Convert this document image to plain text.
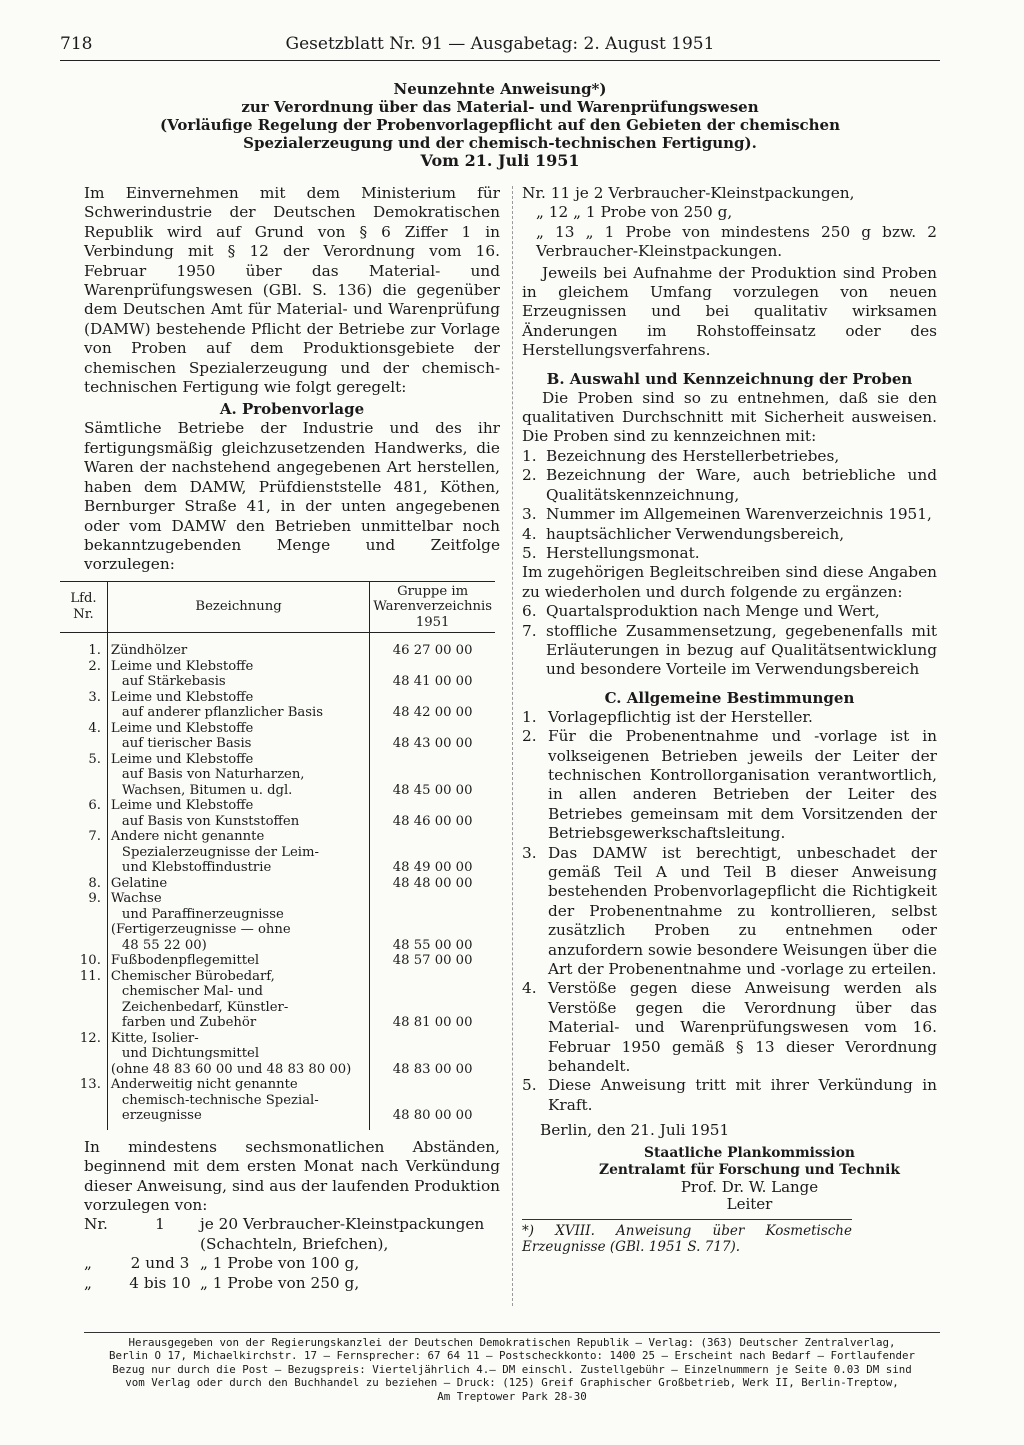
718	Gesetzblatt Nr. 91 — Ausgabetag: 2. August 1951
Neunzehnte Anweisung*)
zur Verordnung über das Material- und Warenprüfungswesen
(Vorläufige Regelung der Probenvorlagepflicht auf den Gebieten der chemischen
Spezialerzeugung und der chemisch-technischen Fertigung).
Vom 21. Juli 1951

Im Einvernehmen mit dem Ministerium für Schwerindustrie der Deutschen Demokratischen Republik wird auf Grund von § 6 Ziffer 1 in Verbindung mit § 12 der Verordnung vom 16. Februar 1950 über das Material- und Warenprüfungswesen (GBl. S. 136) die gegenüber dem Deutschen Amt für Material- und Warenprüfung (DAMW) bestehende Pflicht der Betriebe zur Vorlage von Proben auf dem Produktionsgebiete der chemischen Spezialerzeugung und der chemisch-technischen Fertigung wie folgt geregelt:

A. Probenvorlage

Sämtliche Betriebe der Industrie und des ihr fertigungsmäßig gleichzusetzenden Handwerks, die Waren der nachstehend angegebenen Art herstellen, haben dem DAMW, Prüfdienststelle 481, Köthen, Bernburger Straße 41, in der unten angegebenen oder vom DAMW den Betrieben unmittelbar noch bekanntzugebenden Menge und Zeitfolge vorzulegen:

Lfd. Nr.	Bezeichnung	Gruppe im Warenverzeichnis 1951

1.	Zündhölzer	46 27 00 00
2.	Leime und Klebstoffe	
	auf Stärkebasis	48 41 00 00
3.	Leime und Klebstoffe	
	auf anderer pflanzlicher Basis	48 42 00 00
4.	Leime und Klebstoffe	
	auf tierischer Basis	48 43 00 00
5.	Leime und Klebstoffe	
	auf Basis von Naturharzen,	
	Wachsen, Bitumen u. dgl.	48 45 00 00
6.	Leime und Klebstoffe	
	auf Basis von Kunststoffen	48 46 00 00
7.	Andere nicht genannte	
	Spezialerzeugnisse der Leim-	
	und Klebstoffindustrie	48 49 00 00
8.	Gelatine	48 48 00 00
9.	Wachse	
	und Paraffinerzeugnisse	
	(Fertigerzeugnisse — ohne	
	48 55 22 00)	48 55 00 00
10.	Fußbodenpflegemittel	48 57 00 00
11.	Chemischer Bürobedarf,	
	chemischer Mal- und	
	Zeichenbedarf, Künstler-	
	farben und Zubehör	48 81 00 00
12.	Kitte, Isolier-	
	und Dichtungsmittel	
	(ohne 48 83 60 00 und 48 83 80 00)	48 83 00 00
13.	Anderweitig nicht genannte	
	chemisch-technische Spezial-	
	erzeugnisse	48 80 00 00

In mindestens sechsmonatlichen Abständen, beginnend mit dem ersten Monat nach Verkündung dieser Anweisung, sind aus der laufenden Produktion vorzulegen von:

Nr.	1	je 20 Verbraucher-Kleinstpackungen
(Schachteln, Briefchen),
„	2 und 3 „ 1 Probe von 100 g,
„	4 bis 10 „ 1 Probe von 250 g,
Nr. 11 je 2 Verbraucher-Kleinstpackungen,
„ 12 „ 1 Probe von 250 g,
„ 13 „ 1 Probe von mindestens 250 g bzw. 2 Verbraucher-Kleinstpackungen.

Jeweils bei Aufnahme der Produktion sind Proben in gleichem Umfang vorzulegen von neuen Erzeugnissen und bei qualitativ wirksamen Änderungen im Rohstoffeinsatz oder des Herstellungsverfahrens.

B. Auswahl und Kennzeichnung der Proben

Die Proben sind so zu entnehmen, daß sie den qualitativen Durchschnitt mit Sicherheit ausweisen. Die Proben sind zu kennzeichnen mit:

1. Bezeichnung des Herstellerbetriebes,
2. Bezeichnung der Ware, auch betriebliche und Qualitätskennzeichnung,
3. Nummer im Allgemeinen Warenverzeichnis 1951,
4. hauptsächlicher Verwendungsbereich,
5. Herstellungsmonat.

Im zugehörigen Begleitschreiben sind diese Angaben zu wiederholen und durch folgende zu ergänzen:

6. Quartalsproduktion nach Menge und Wert,
7. stoffliche Zusammensetzung, gegebenenfalls mit Erläuterungen in bezug auf Qualitätsentwicklung und besondere Vorteile im Verwendungsbereich
C. Allgemeine Bestimmungen
1. Vorlagepflichtig ist der Hersteller.
2. Für die Probenentnahme und -vorlage ist in volkseigenen Betrieben jeweils der Leiter der technischen Kontrollorganisation verantwortlich, in allen anderen Betrieben der Leiter des Betriebes gemeinsam mit dem Vorsitzenden der Betriebsgewerkschaftsleitung.
3. Das DAMW ist berechtigt, unbeschadet der gemäß Teil A und Teil B dieser Anweisung bestehenden Probenvorlagepflicht die Richtigkeit der Probenentnahme zu kontrollieren, selbst zusätzlich Proben zu entnehmen oder anzufordern sowie besondere Weisungen über die Art der Probenentnahme und -vorlage zu erteilen.
4. Verstöße gegen diese Anweisung werden als Verstöße gegen die Verordnung über das Material- und Warenprüfungswesen vom 16. Februar 1950 gemäß § 13 dieser Verordnung behandelt.
5. Diese Anweisung tritt mit ihrer Verkündung in Kraft.

Berlin, den 21. Juli 1951

Staatliche Plankommission
Zentralamt für Forschung und Technik
Prof. Dr. W. Lange
Leiter
*) XVIII. Anweisung über Kosmetische Erzeugnisse (GBl. 1951 S. 717).
Herausgegeben von der Regierungskanzlei der Deutschen Demokratischen Republik — Verlag: (363) Deutscher Zentralverlag,
Berlin O 17, Michaelkirchstr. 17 — Fernsprecher: 67 64 11 — Postscheckkonto: 1400 25 — Erscheint nach Bedarf — Fortlaufender
Bezug nur durch die Post — Bezugspreis: Vierteljährlich 4.— DM einschl. Zustellgebühr — Einzelnummern je Seite 0.03 DM sind
vom Verlag oder durch den Buchhandel zu beziehen — Druck: (125) Greif Graphischer Großbetrieb, Werk II, Berlin-Treptow,
Am Treptower Park 28-30
